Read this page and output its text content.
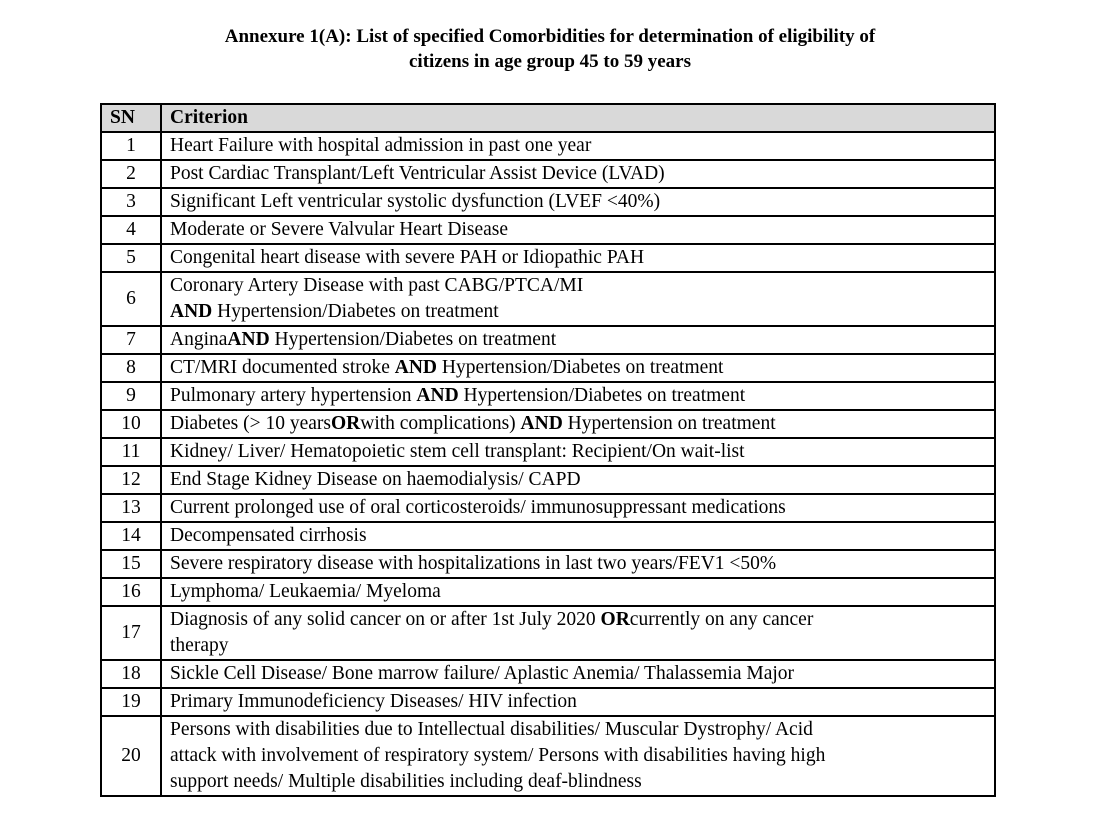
Annexure 1(A): List of specified Comorbidities for determination of eligibility of
citizens in age group 45 to 59 years
SN	Criterion
1	Heart Failure with hospital admission in past one year
2	Post Cardiac Transplant/Left Ventricular Assist Device (LVAD)
3	Significant Left ventricular systolic dysfunction (LVEF <40%)
4	Moderate or Severe Valvular Heart Disease
5	Congenital heart disease with severe PAH or Idiopathic PAH
6	Coronary Artery Disease with past CABG/PTCA/MI
AND Hypertension/Diabetes on treatment
7	AnginaAND Hypertension/Diabetes on treatment
8	CT/MRI documented stroke AND Hypertension/Diabetes on treatment
9	Pulmonary artery hypertension AND Hypertension/Diabetes on treatment
10	Diabetes (> 10 yearsORwith complications) AND Hypertension on treatment
11	Kidney/ Liver/ Hematopoietic stem cell transplant: Recipient/On wait-list
12	End Stage Kidney Disease on haemodialysis/ CAPD
13	Current prolonged use of oral corticosteroids/ immunosuppressant medications
14	Decompensated cirrhosis
15	Severe respiratory disease with hospitalizations in last two years/FEV1 <50%
16	Lymphoma/ Leukaemia/ Myeloma
17	Diagnosis of any solid cancer on or after 1st July 2020 ORcurrently on any cancer
therapy
18	Sickle Cell Disease/ Bone marrow failure/ Aplastic Anemia/ Thalassemia Major
19	Primary Immunodeficiency Diseases/ HIV infection
20	Persons with disabilities due to Intellectual disabilities/ Muscular Dystrophy/ Acid
attack with involvement of respiratory system/ Persons with disabilities having high
support needs/ Multiple disabilities including deaf-blindness
